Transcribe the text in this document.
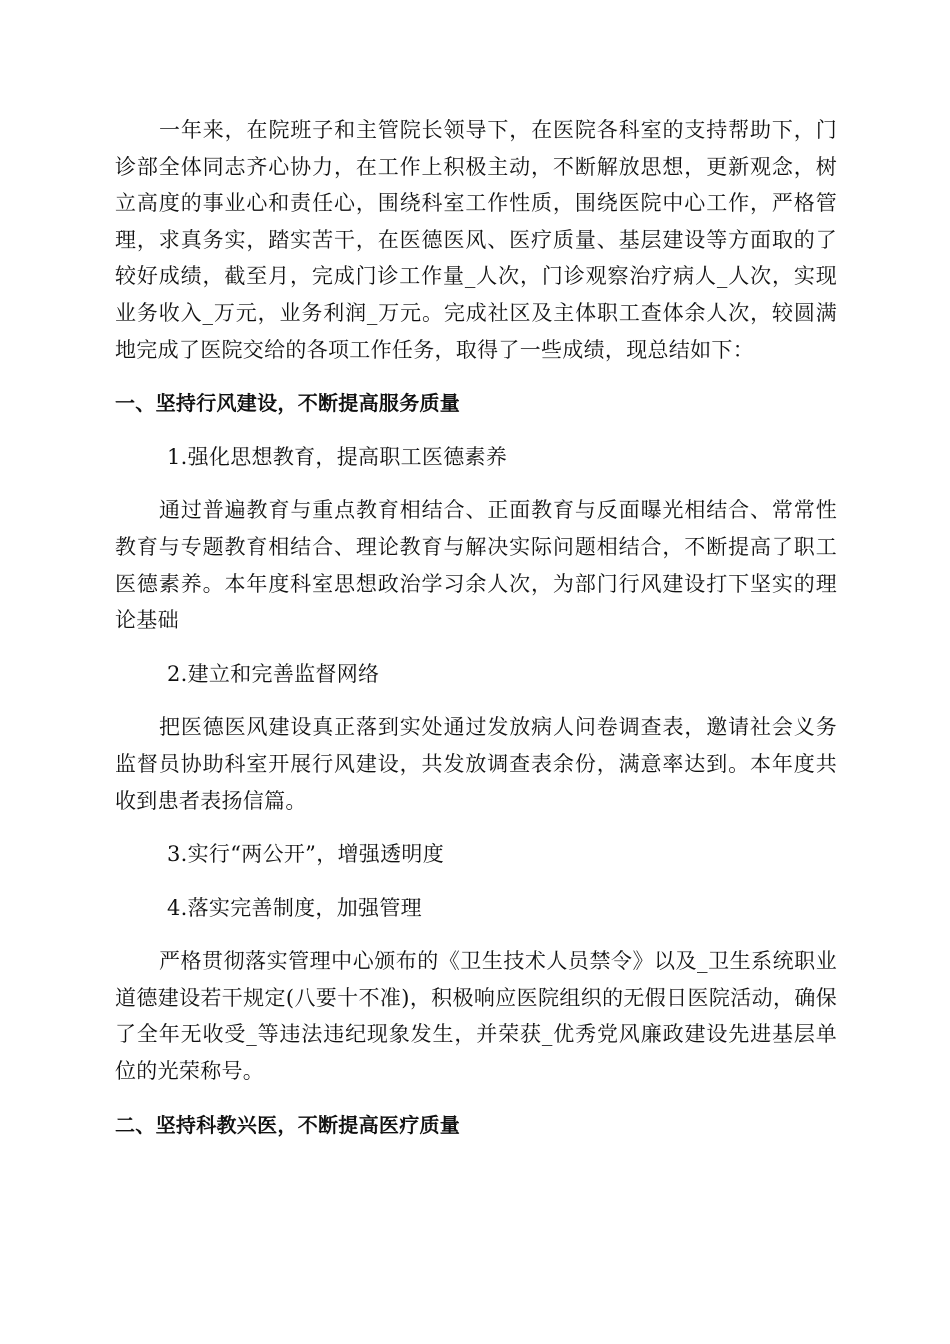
一年来，在院班子和主管院长领导下，在医院各科室的支持帮助下，门诊部全体同志齐心协力，在工作上积极主动，不断解放思想，更新观念，树立高度的事业心和责任心，围绕科室工作性质，围绕医院中心工作，严格管理，求真务实，踏实苦干，在医德医风、医疗质量、基层建设等方面取的了较好成绩，截至月，完成门诊工作量_人次，门诊观察治疗病人_人次，实现业务收入_万元，业务利润_万元。完成社区及主体职工查体余人次，较圆满地完成了医院交给的各项工作任务，取得了一些成绩，现总结如下：

一、坚持行风建设，不断提高服务质量

1.强化思想教育，提高职工医德素养

通过普遍教育与重点教育相结合、正面教育与反面曝光相结合、常常性教育与专题教育相结合、理论教育与解决实际问题相结合，不断提高了职工医德素养。本年度科室思想政治学习余人次，为部门行风建设打下坚实的理论基础

2.建立和完善监督网络

把医德医风建设真正落到实处通过发放病人问卷调查表，邀请社会义务监督员协助科室开展行风建设，共发放调查表余份，满意率达到。本年度共收到患者表扬信篇。

3.实行“两公开”，增强透明度

4.落实完善制度，加强管理

严格贯彻落实管理中心颁布的《卫生技术人员禁令》以及_卫生系统职业道德建设若干规定(八要十不准)，积极响应医院组织的无假日医院活动，确保了全年无收受_等违法违纪现象发生，并荣获_优秀党风廉政建设先进基层单位的光荣称号。

二、坚持科教兴医，不断提高医疗质量
